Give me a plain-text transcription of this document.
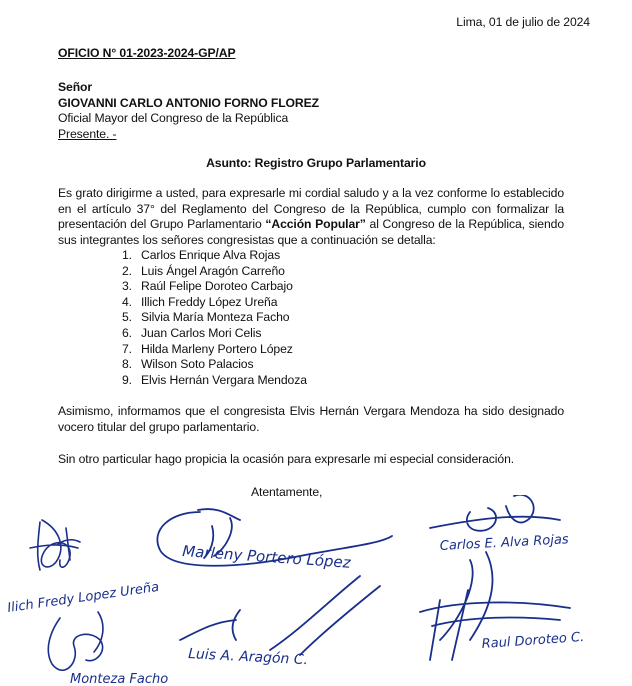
Lima, 01 de julio de 2024
OFICIO N° 01-2023-2024-GP/AP
Señor
GIOVANNI CARLO ANTONIO FORNO FLOREZ
Oficial Mayor del Congreso de la República
Presente. -
Asunto: Registro Grupo Parlamentario
Es grato dirigirme a usted, para expresarle mi cordial saludo y a la vez conforme lo establecido en el artículo 37° del Reglamento del Congreso de la República, cumplo con formalizar la presentación del Grupo Parlamentario “Acción Popular” al Congreso de la República, siendo sus integrantes los señores congresistas que a continuación se detalla:
1. Carlos Enrique Alva Rojas
2. Luis Ángel Aragón Carreño
3. Raúl Felipe Doroteo Carbajo
4. Illich Freddy López Ureña
5. Silvia María Monteza Facho
6. Juan Carlos Mori Celis
7. Hilda Marleny Portero López
8. Wilson Soto Palacios
9. Elvis Hernán Vergara Mendoza
Asimismo, informamos que el congresista Elvis Hernán Vergara Mendoza ha sido designado vocero titular del grupo parlamentario.
Sin otro particular hago propicia la ocasión para expresarle mi especial consideración.
Atentamente,
Ilich Fredy Lopez Ureña
Marleny Portero López	Carlos E. Alva Rojas
Luis A. Aragón C.
Raul Doroteo C.
Monteza Facho
